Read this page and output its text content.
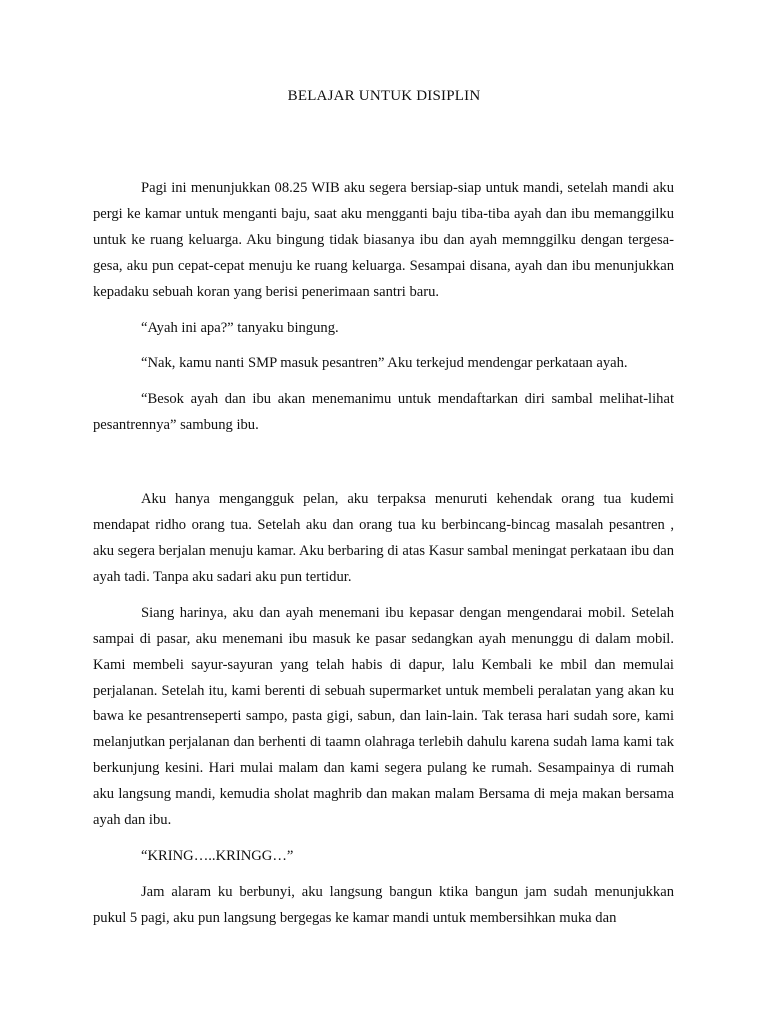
BELAJAR UNTUK DISIPLIN

Pagi ini menunjukkan 08.25 WIB aku segera bersiap-siap untuk mandi, setelah mandi aku pergi ke kamar untuk menganti baju, saat aku mengganti baju tiba-tiba ayah dan ibu memanggilku untuk ke ruang keluarga. Aku bingung tidak biasanya ibu dan ayah memnggilku dengan tergesa-gesa, aku pun cepat-cepat menuju ke ruang keluarga. Sesampai disana, ayah dan ibu menunjukkan kepadaku sebuah koran yang berisi penerimaan santri baru.

“Ayah ini apa?” tanyaku bingung.

“Nak, kamu nanti SMP masuk pesantren” Aku terkejud mendengar perkataan ayah.

“Besok ayah dan ibu akan menemanimu untuk mendaftarkan diri sambal melihat-lihat pesantrennya” sambung ibu.

Aku hanya mengangguk pelan, aku terpaksa menuruti kehendak orang tua kudemi mendapat ridho orang tua. Setelah aku dan orang tua ku berbincang-bincag masalah pesantren , aku segera berjalan menuju kamar. Aku berbaring di atas Kasur sambal meningat perkataan ibu dan ayah tadi. Tanpa aku sadari aku pun tertidur.

Siang harinya, aku dan ayah menemani ibu kepasar dengan mengendarai mobil. Setelah sampai di pasar, aku menemani ibu masuk ke pasar sedangkan ayah menunggu di dalam mobil. Kami membeli sayur-sayuran yang telah habis di dapur, lalu Kembali ke mbil dan memulai perjalanan. Setelah itu, kami berenti di sebuah supermarket untuk membeli peralatan yang akan ku bawa ke pesantrenseperti sampo, pasta gigi, sabun, dan lain-lain. Tak terasa hari sudah sore, kami melanjutkan perjalanan dan berhenti di taamn olahraga terlebih dahulu karena sudah lama kami tak berkunjung kesini. Hari mulai malam dan kami segera pulang ke rumah. Sesampainya di rumah aku langsung mandi, kemudia sholat maghrib dan makan malam Bersama di meja makan bersama ayah dan ibu.

“KRING…..KRINGG…”

Jam alaram ku berbunyi, aku langsung bangun ktika bangun jam sudah menunjukkan pukul 5 pagi, aku pun langsung bergegas ke kamar mandi untuk membersihkan muka dan
